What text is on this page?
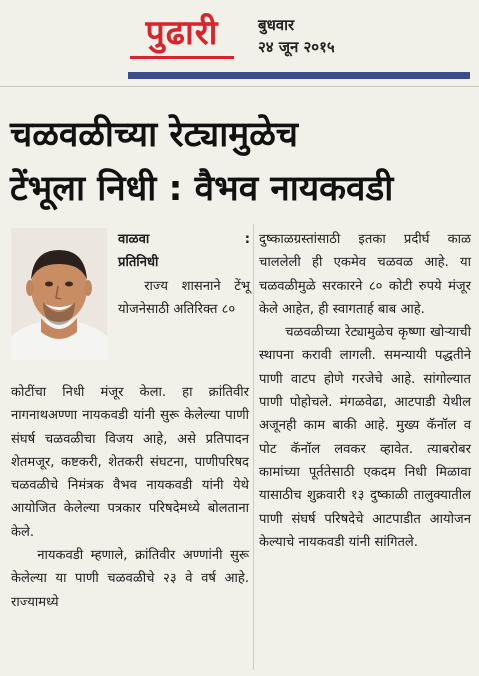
पुढारी	बुधवार
२४ जून २०१५
चळवळीच्या रेट्यामुळेच
टेंभूला निधी : वैभव नायकवडी
वाळवा	:
प्रतिनिधी

राज्य शासनाने टेंभू योजनेसाठी अतिरिक्त ८०

कोटींचा निधी मंजूर केला. हा क्रांतिवीर नागनाथअण्णा नायकवडी यांनी सुरू केलेल्या पाणी संघर्ष चळवळीचा विजय आहे, असे प्रतिपादन शेतमजूर, कष्टकरी, शेतकरी संघटना, पाणीपरिषद चळवळीचे निमंत्रक वैभव नायकवडी यांनी येथे आयोजित केलेल्या पत्रकार परिषदेमध्ये बोलताना केले.

नायकवडी म्हणाले, क्रांतिवीर अण्णांनी सुरू केलेल्या या पाणी चळवळीचे २३ वे वर्ष आहे. राज्यामध्ये

दुष्काळग्रस्तांसाठी इतका प्रदीर्घ काळ चाललेली ही एकमेव चळवळ आहे. या चळवळीमुळे सरकारने ८० कोटी रुपये मंजूर केले आहेत, ही स्वागतार्ह बाब आहे.

चळवळीच्या रेट्यामुळेच कृष्णा खोऱ्याची स्थापना करावी लागली. समन्यायी पद्धतीने पाणी वाटप होणे गरजेचे आहे. सांगोल्यात पाणी पोहोचले. मंगळवेढा, आटपाडी येथील अजूनही काम बाकी आहे. मुख्य कॅनॉल व पोट कॅनॉल लवकर व्हावेत. त्याबरोबर कामांच्या पूर्ततेसाठी एकदम निधी मिळावा यासाठीच शुक्रवारी १३ दुष्काळी तालुक्यातील पाणी संघर्ष परिषदेचे आटपाडीत आयोजन केल्याचे नायकवडी यांनी सांगितले.
